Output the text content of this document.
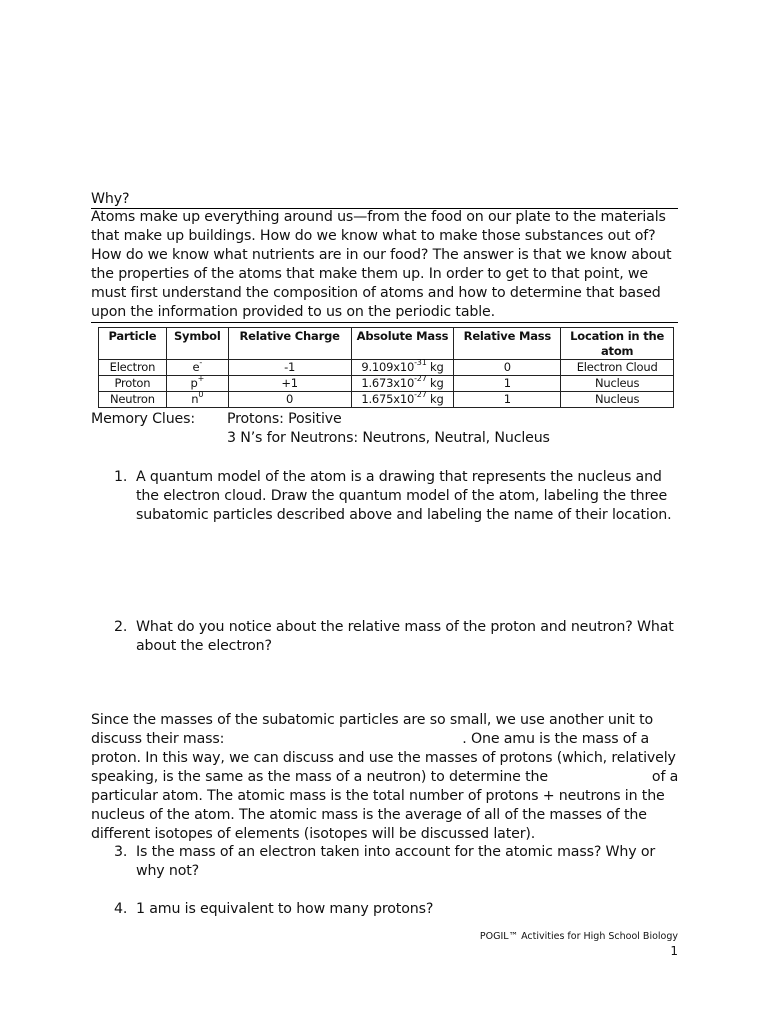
Why?

Atoms make up everything around us—from the food on our plate to the materials that make up buildings. How do we know what to make those substances out of? How do we know what nutrients are in our food? The answer is that we know about the properties of the atoms that make them up. In order to get to that point, we must first understand the composition of atoms and how to determine that based upon the information provided to us on the periodic table.

Particle	Symbol	Relative Charge	Absolute Mass	Relative Mass	Location in the atom
Electron	e-	-1	$9.109x10^{-31}$ kg	0	Electron Cloud
Proton	p+	+1	$1.673x10^{-27}$ kg	1	Nucleus
Neutron	$n^0$	0	$1.675x10^{-27}$ kg	1	Nucleus
Memory Clues: Protons: Positive
3 N’s for Neutrons: Neutrons, Neutral, Nucleus
1. A quantum model of the atom is a drawing that represents the nucleus and the electron cloud. Draw the quantum model of the atom, labeling the three subatomic particles described above and labeling the name of their location.
2. What do you notice about the relative mass of the proton and neutron? What about the electron?
Since the masses of the subatomic particles are so small, we use another unit to discuss their mass:	. One amu is the mass of a proton. In this way, we can discuss and use the masses of protons (which, relatively speaking, is the same as the mass of a neutron) to determine the	of a particular atom. The atomic mass is the total number of protons + neutrons in the nucleus of the atom. The atomic mass is the average of all of the masses of the different isotopes of elements (isotopes will be discussed later).
3. Is the mass of an electron taken into account for the atomic mass? Why or why not?
4. 1 amu is equivalent to how many protons?
POGIL™ Activities for High School Biology
1
